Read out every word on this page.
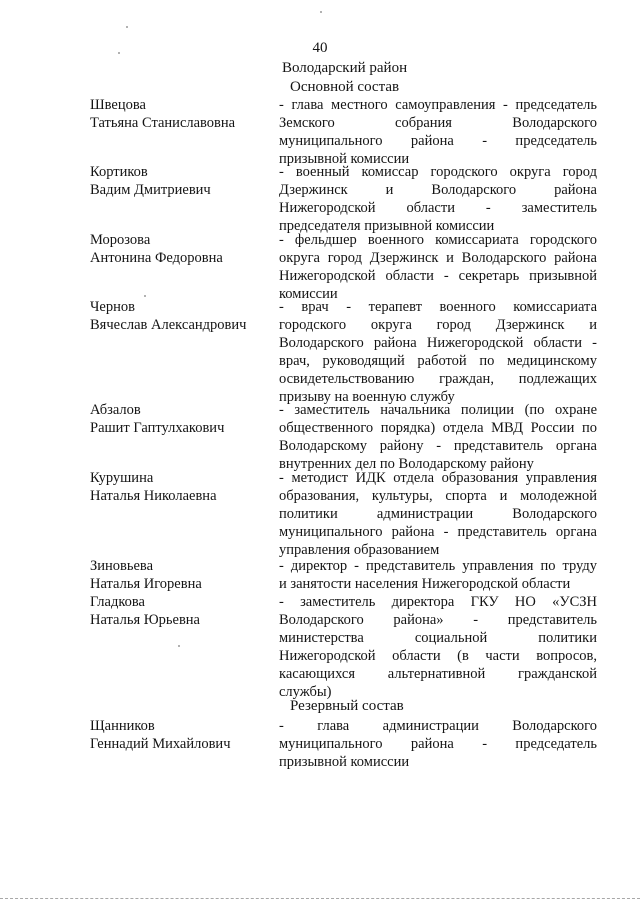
40
Володарский район
Основной состав
Швецова
Татьяна Станиславовна
- глава местного самоуправления - председатель
Земского собрания Володарского
муниципального района - председатель
призывной комиссии
Кортиков
Вадим Дмитриевич
- военный комиссар городского округа город
Дзержинск и Володарского района
Нижегородской области - заместитель
председателя призывной комиссии
Морозова
Антонина Федоровна
- фельдшер военного комиссариата городского
округа город Дзержинск и Володарского района
Нижегородской области - секретарь призывной
комиссии
Чернов
Вячеслав Александрович
- врач - терапевт военного комиссариата
городского округа город Дзержинск и
Володарского района Нижегородской области -
врач, руководящий работой по медицинскому
освидетельствованию граждан, подлежащих
призыву на военную службу
Абзалов
Рашит Гаптулхакович
- заместитель начальника полиции (по охране
общественного порядка) отдела МВД России по
Володарскому району - представитель органа
внутренних дел по Володарскому району
Курушина
Наталья Николаевна
- методист ИДК отдела образования управления
образования, культуры, спорта и молодежной
политики администрации Володарского
муниципального района - представитель органа
управления образованием
Зиновьева
Наталья Игоревна
- директор - представитель управления по труду
и занятости населения Нижегородской области
Гладкова
Наталья Юрьевна
- заместитель директора ГКУ НО «УСЗН
Володарского района» - представитель
министерства социальной политики
Нижегородской области (в части вопросов,
касающихся альтернативной гражданской
службы)
Резервный состав
Щанников
Геннадий Михайлович
- глава администрации Володарского
муниципального района - председатель
призывной комиссии
